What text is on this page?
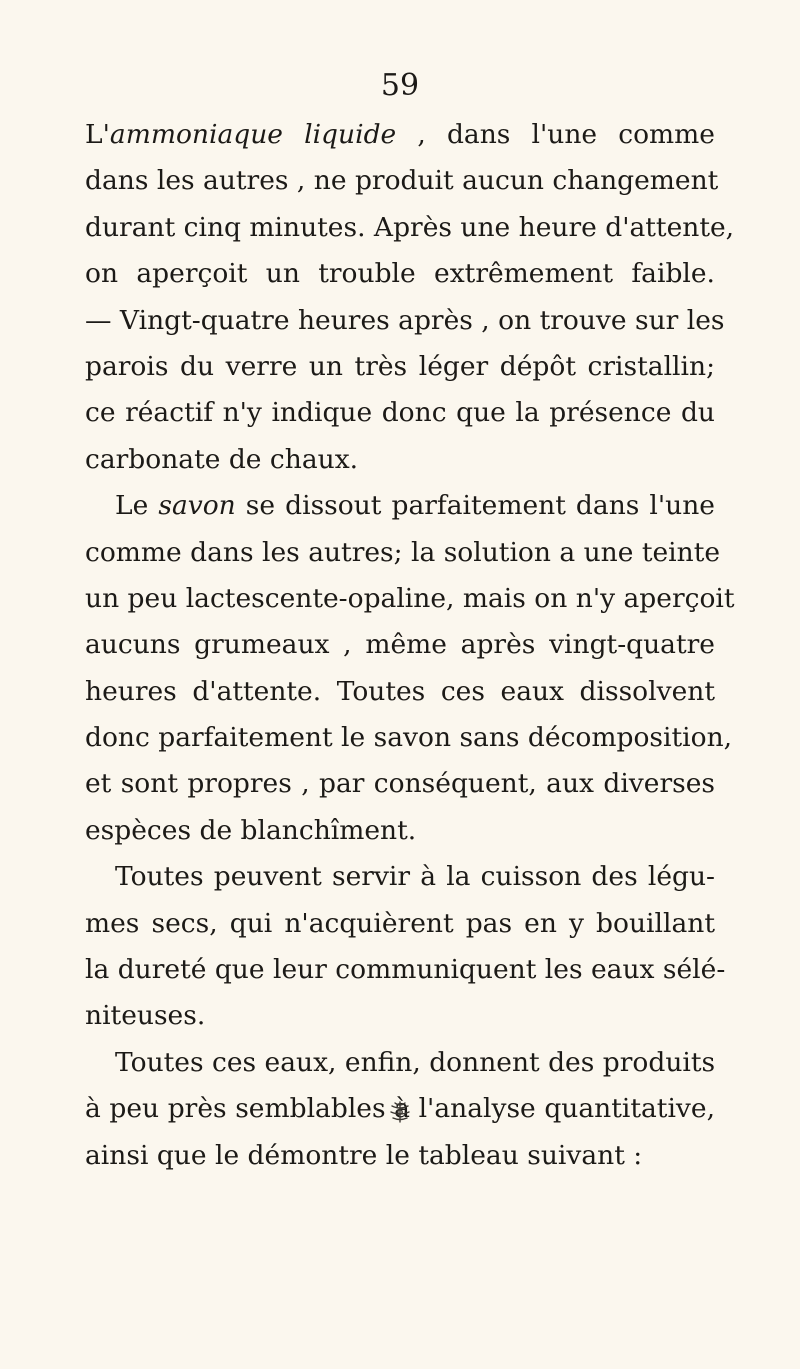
59
L'ammoniaque liquide , dans l'une comme
dans les autres , ne produit aucun changement
durant cinq minutes. Après une heure d'attente,
on aperçoit un trouble extrêmement faible.
— Vingt-quatre heures après , on trouve sur les
parois du verre un très léger dépôt cristallin;
ce réactif n'y indique donc que la présence du
carbonate de chaux.
Le savon se dissout parfaitement dans l'une
comme dans les autres; la solution a une teinte
un peu lactescente-opaline, mais on n'y aperçoit
aucuns grumeaux , même après vingt-quatre
heures d'attente. Toutes ces eaux dissolvent
donc parfaitement le savon sans décomposition,
et sont propres , par conséquent, aux diverses
espèces de blanchîment.
Toutes peuvent servir à la cuisson des légu-
mes secs, qui n'acquièrent pas en y bouillant
la dureté que leur communiquent les eaux sélé-
niteuses.
Toutes ces eaux, enfin, donnent des produits
à peu près semblables à l'analyse quantitative,
ainsi que le démontre le tableau suivant :
